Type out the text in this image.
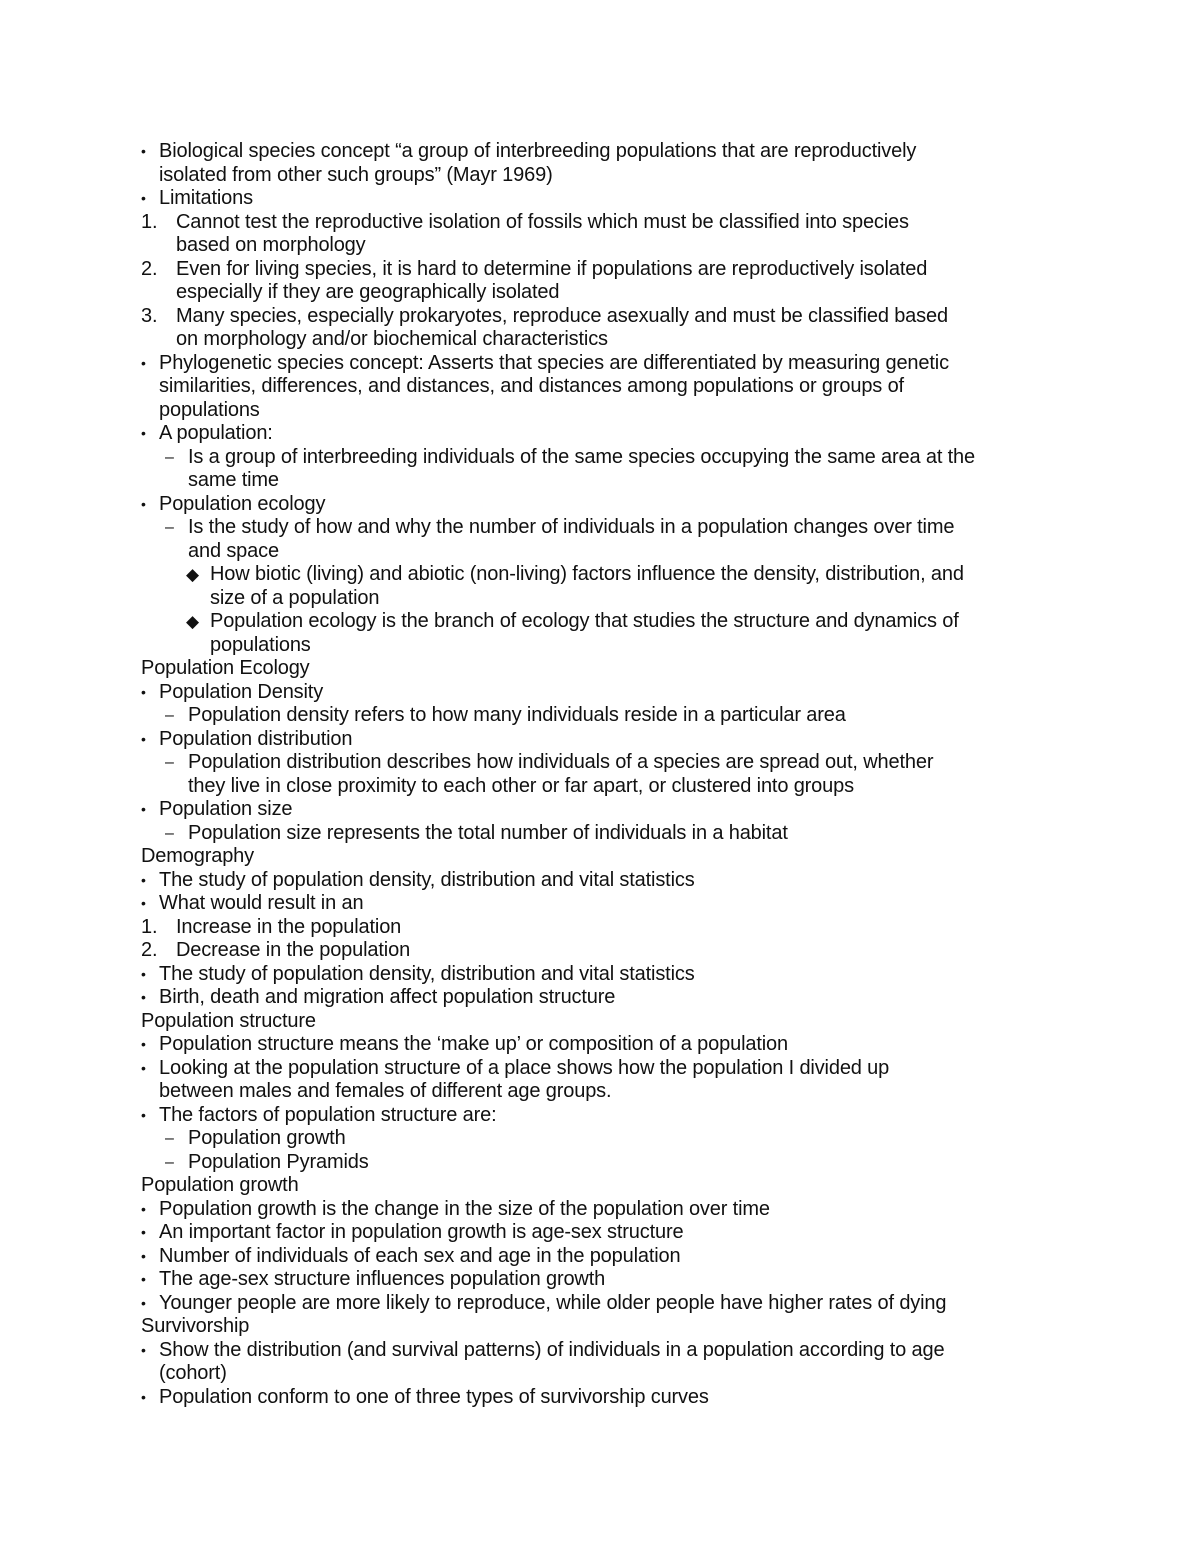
• Biological species concept “a group of interbreeding populations that are reproductively
isolated from other such groups” (Mayr 1969)
• Limitations
1. Cannot test the reproductive isolation of fossils which must be classified into species
based on morphology
2. Even for living species, it is hard to determine if populations are reproductively isolated
especially if they are geographically isolated
3. Many species, especially prokaryotes, reproduce asexually and must be classified based
on morphology and/or biochemical characteristics
• Phylogenetic species concept: Asserts that species are differentiated by measuring genetic
similarities, differences, and distances, and distances among populations or groups of
populations
• A population:
– Is a group of interbreeding individuals of the same species occupying the same area at the
same time
• Population ecology
– Is the study of how and why the number of individuals in a population changes over time
and space
◆ How biotic (living) and abiotic (non-living) factors influence the density, distribution, and
size of a population
◆ Population ecology is the branch of ecology that studies the structure and dynamics of
populations
Population Ecology
• Population Density
– Population density refers to how many individuals reside in a particular area
• Population distribution
– Population distribution describes how individuals of a species are spread out, whether
they live in close proximity to each other or far apart, or clustered into groups
• Population size
– Population size represents the total number of individuals in a habitat
Demography
• The study of population density, distribution and vital statistics
• What would result in an
1. Increase in the population
2. Decrease in the population
• The study of population density, distribution and vital statistics
• Birth, death and migration affect population structure
Population structure
• Population structure means the ‘make up’ or composition of a population
• Looking at the population structure of a place shows how the population I divided up
between males and females of different age groups.
• The factors of population structure are:
– Population growth
– Population Pyramids
Population growth
• Population growth is the change in the size of the population over time
• An important factor in population growth is age-sex structure
• Number of individuals of each sex and age in the population
• The age-sex structure influences population growth
• Younger people are more likely to reproduce, while older people have higher rates of dying
Survivorship
• Show the distribution (and survival patterns) of individuals in a population according to age
(cohort)
• Population conform to one of three types of survivorship curves
